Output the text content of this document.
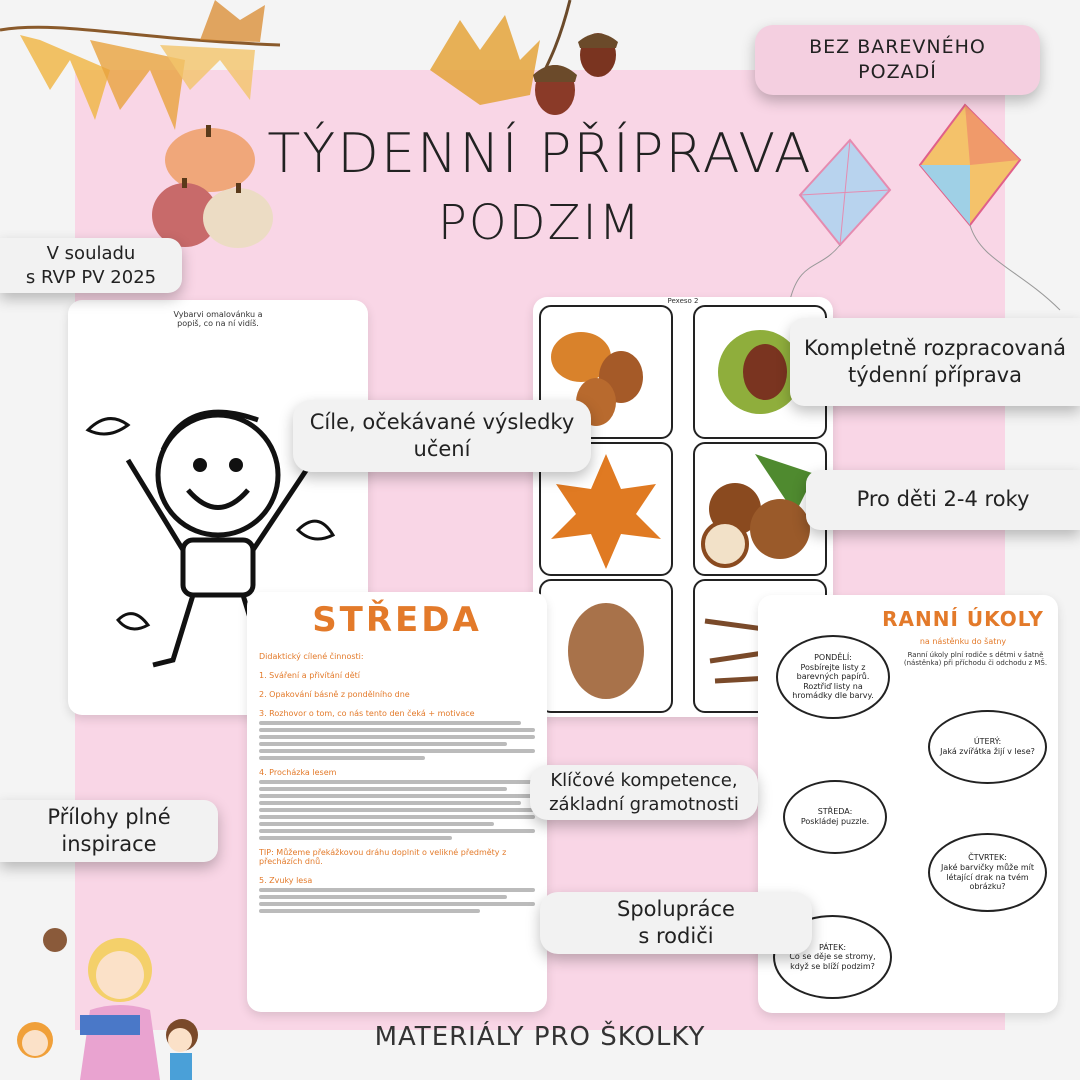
TÝDENNÍ PŘÍPRAVA
PODZIM
Vybarvi omalovánku a popiš, co na ní vidíš.
Pexeso 2
STŘEDA
Didaktický cílené činnosti:
1. Sváření a přivítání dětí
2. Opakování básně z pondělního dne
3. Rozhovor o tom, co nás tento den čeká + motivace
4. Procházka lesem
TIP: Můžeme překážkovou dráhu doplnit o velikné předměty z přecházích dnů.
5. Zvuky lesa
RANNÍ ÚKOLY
na nástěnku do šatny
Ranní úkoly plní rodiče s dětmi v šatně (nástěnka) při příchodu či odchodu z MŠ.
PONDĚLÍ:
Posbírejte listy z barevných papírů. Roztřiď listy na hromádky dle barvy.
ÚTERÝ:
Jaká zvířátka žijí v lese?
STŘEDA:
Poskládej puzzle.
ČTVRTEK:
Jaké barvičky může mít létající drak na tvém obrázku?
PÁTEK:
Co se děje se stromy, když se blíží podzim?
BEZ BAREVNÉHO
POZADÍ
V souladu
s RVP PV 2025
Kompletně rozpracovaná
týdenní příprava
Cíle, očekávané výsledky
učení
Pro děti 2-4 roky
Klíčové kompetence,
základní gramotnosti
Přílohy plné
inspirace
Spolupráce
s rodiči
MATERIÁLY PRO ŠKOLKY
